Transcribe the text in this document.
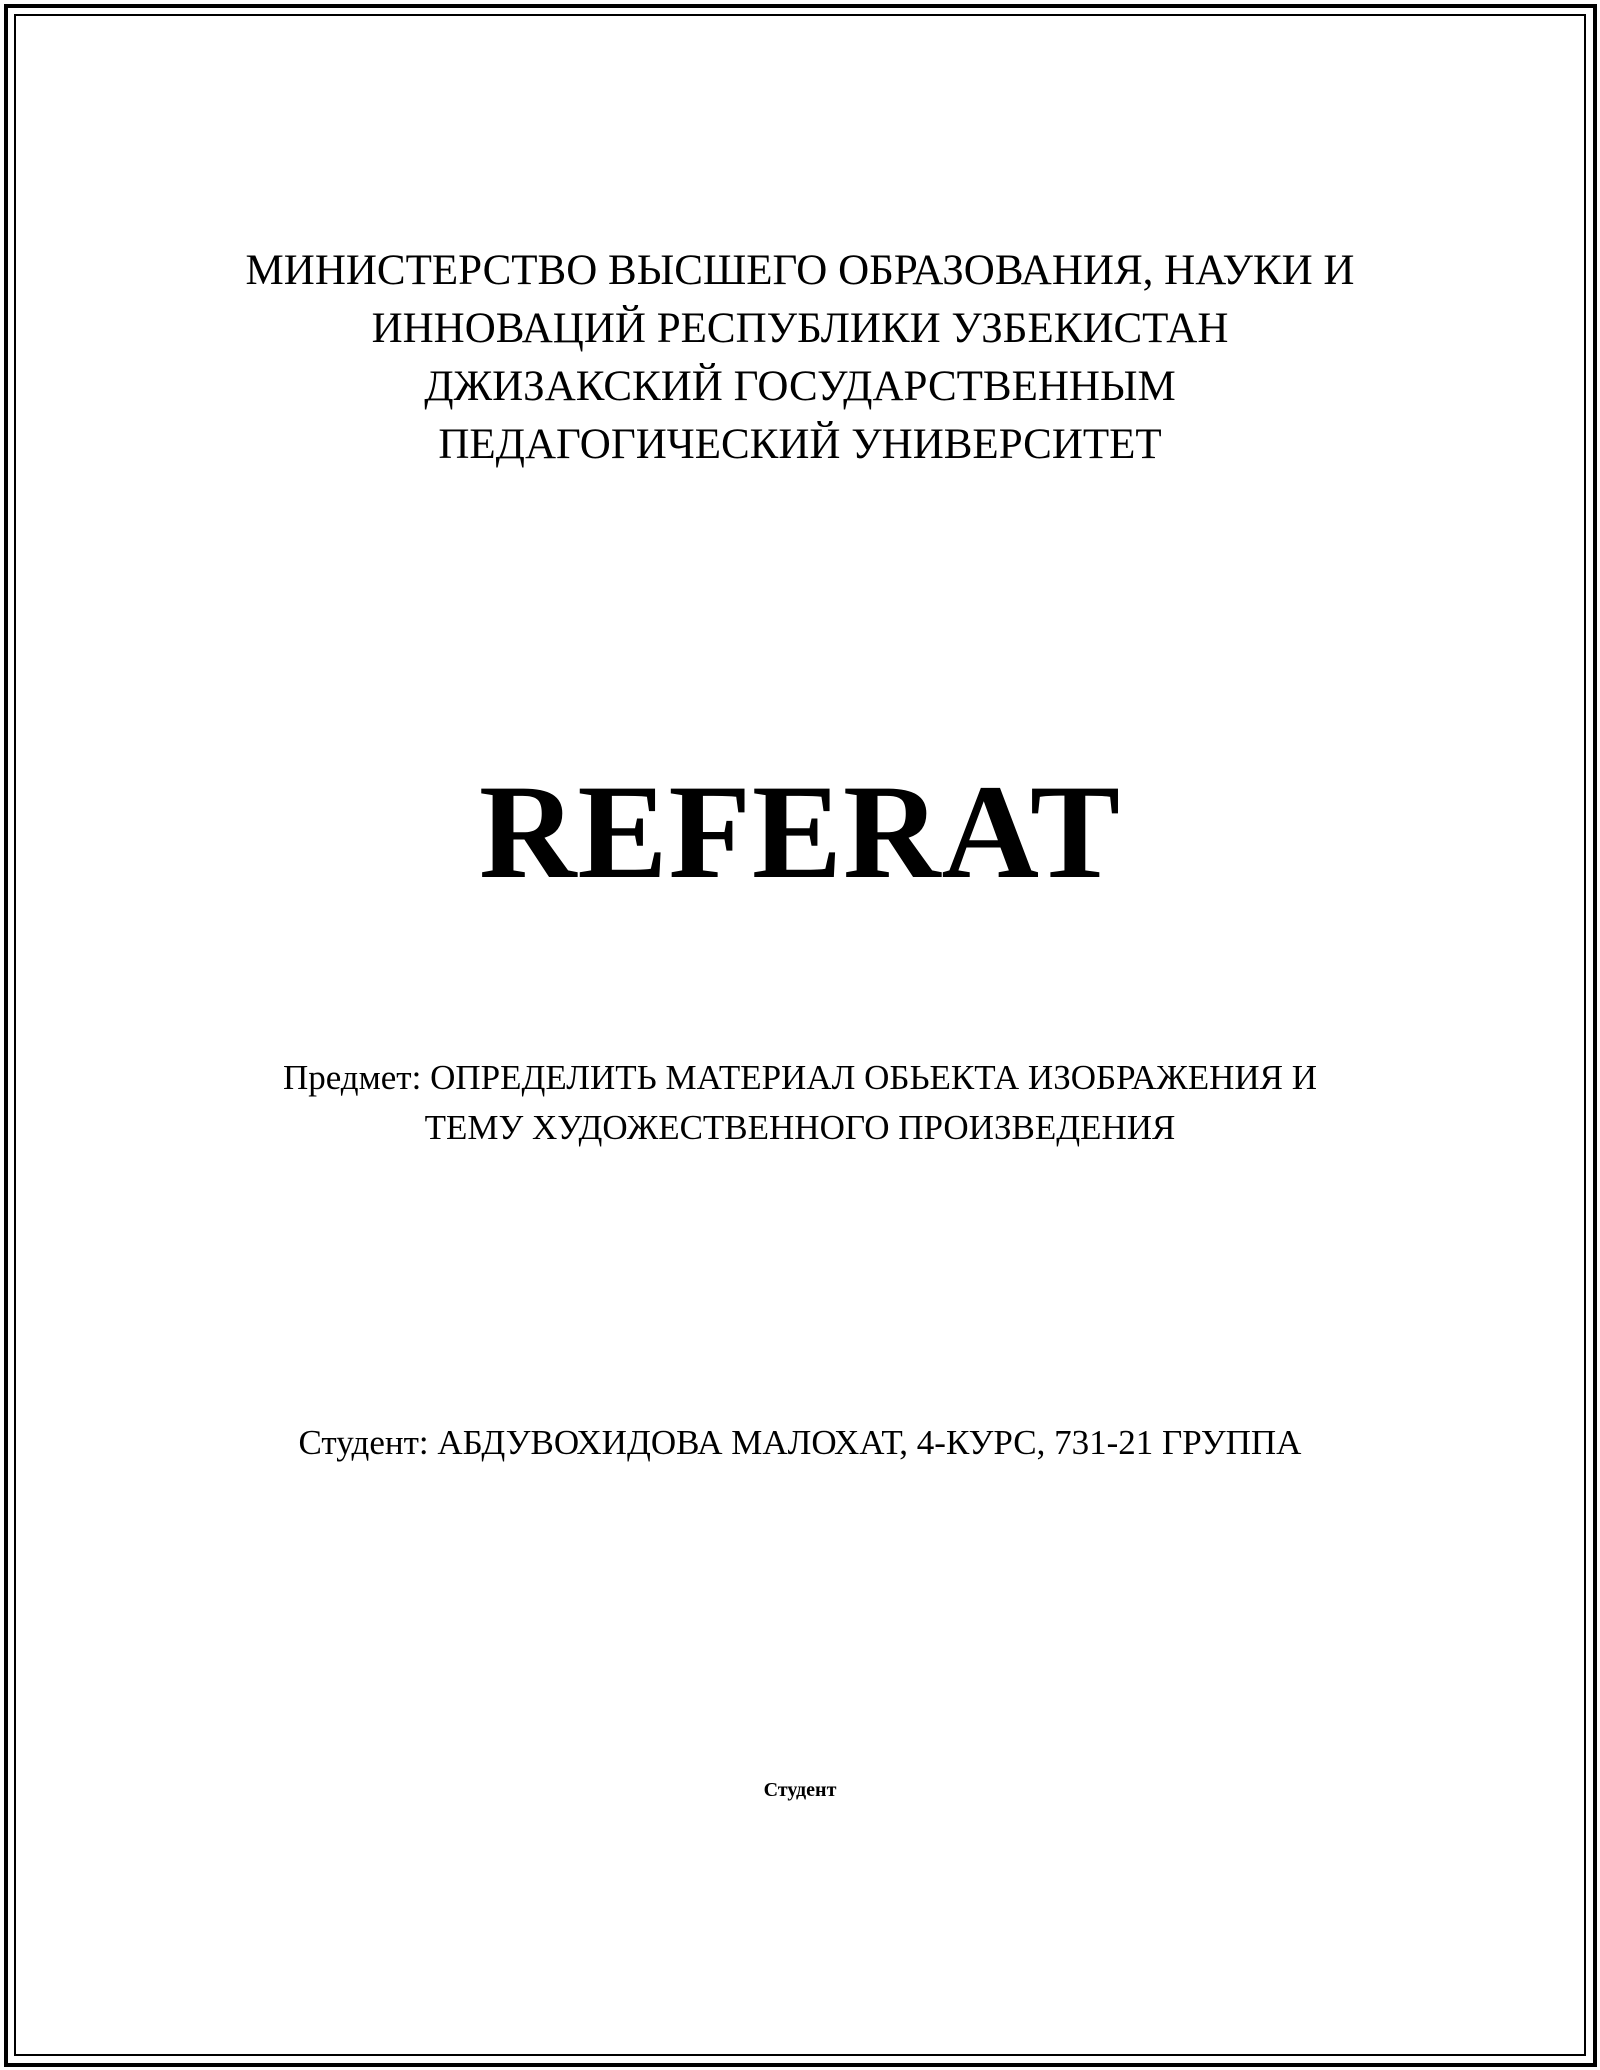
МИНИСТЕРСТВО ВЫСШЕГО ОБРАЗОВАНИЯ, НАУКИ И
ИННОВАЦИЙ РЕСПУБЛИКИ УЗБЕКИСТАН
ДЖИЗАКСКИЙ ГОСУДАРСТВЕННЫМ
ПЕДАГОГИЧЕСКИЙ УНИВЕРСИТЕТ
REFERAT
Предмет: ОПРЕДЕЛИТЬ МАТЕРИАЛ ОБЬЕКТА ИЗОБРАЖЕНИЯ И
ТЕМУ ХУДОЖЕСТВЕННОГО ПРОИЗВЕДЕНИЯ
Студент: АБДУВОХИДОВА МАЛОХАТ, 4-КУРС, 731-21 ГРУППА
Студент
